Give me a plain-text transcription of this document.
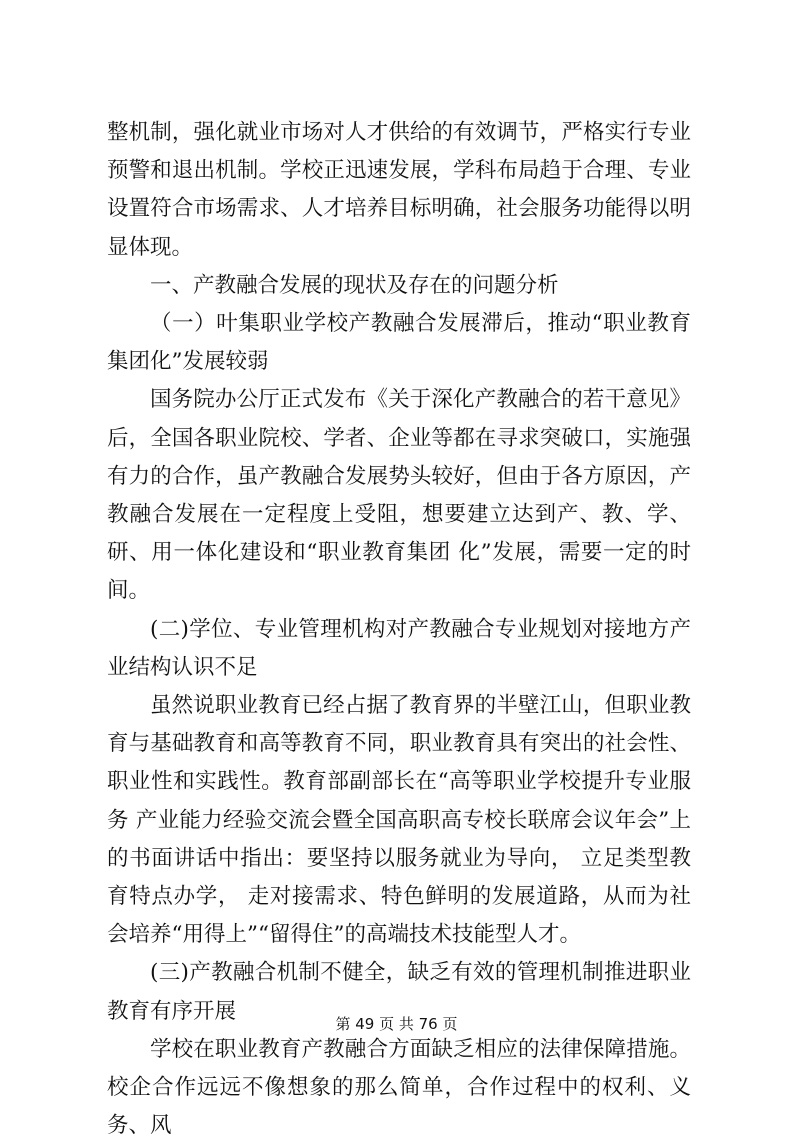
整机制，强化就业市场对人才供给的有效调节，严格实行专业预警和退出机制。学校正迅速发展，学科布局趋于合理、专业设置符合市场需求、人才培养目标明确，社会服务功能得以明显体现。

一、产教融合发展的现状及存在的问题分析

（一）叶集职业学校产教融合发展滞后，推动“职业教育集团化”发展较弱

国务院办公厅正式发布《关于深化产教融合的若干意见》后，全国各职业院校、学者、企业等都在寻求突破口，实施强有力的合作，虽产教融合发展势头较好，但由于各方原因，产教融合发展在一定程度上受阻，想要建立达到产、教、学、 研、用一体化建设和“职业教育集团 化”发展，需要一定的时间。

(二)学位、专业管理机构对产教融合专业规划对接地方产业结构认识不足

虽然说职业教育已经占据了教育界的半壁江山，但职业教育与基础教育和高等教育不同，职业教育具有突出的社会性、职业性和实践性。教育部副部长在“高等职业学校提升专业服务 产业能力经验交流会暨全国高职高专校长联席会议年会”上的书面讲话中指出：要坚持以服务就业为导向， 立足类型教育特点办学， 走对接需求、特色鲜明的发展道路，从而为社会培养“用得上”“留得住”的高端技术技能型人才。

(三)产教融合机制不健全，缺乏有效的管理机制推进职业教育有序开展

学校在职业教育产教融合方面缺乏相应的法律保障措施。校企合作远远不像想象的那么简单，合作过程中的权利、义务、风

第 49 页 共 76 页
